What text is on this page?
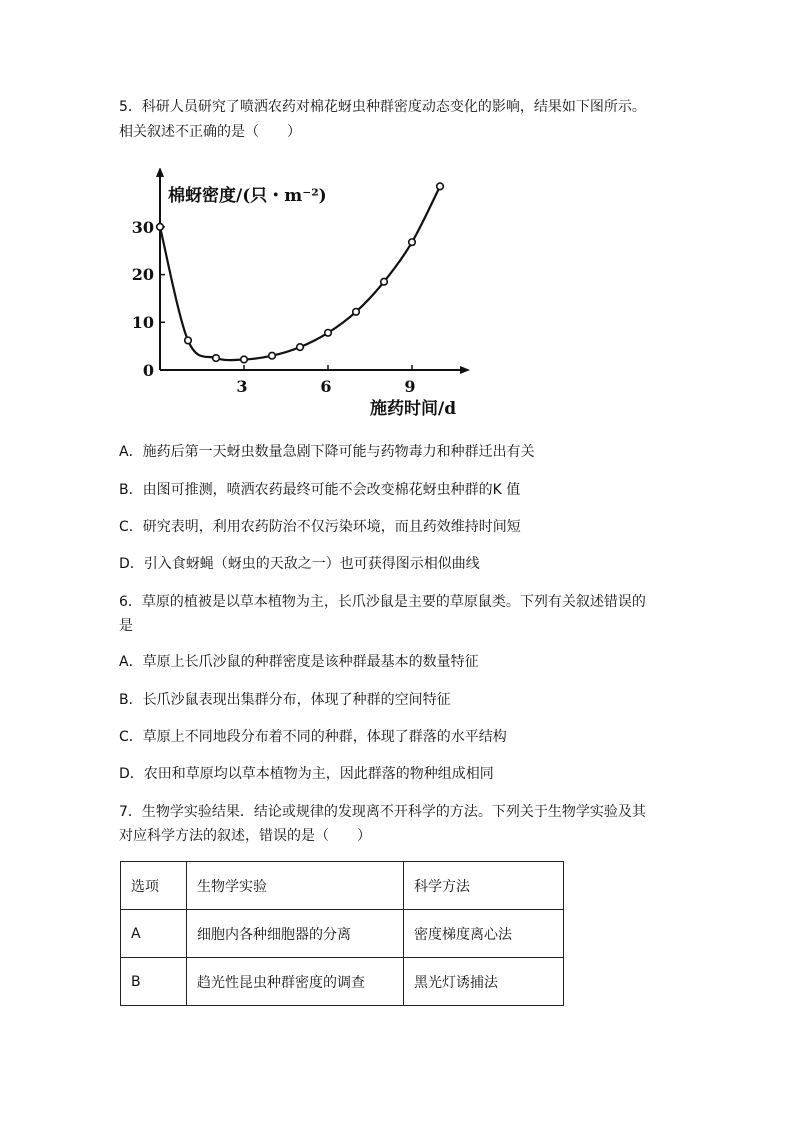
5．科研人员研究了喷洒农药对棉花蚜虫种群密度动态变化的影响，结果如下图所示。
相关叙述不正确的是（　　）
棉蚜密度/(只・m⁻²)
施药时间/d
0
10
20
30
3	6	9
A．施药后第一天蚜虫数量急剧下降可能与药物毒力和种群迁出有关
B．由图可推测，喷洒农药最终可能不会改变棉花蚜虫种群的K 值
C．研究表明，利用农药防治不仅污染环境，而且药效维持时间短
D．引入食蚜蝇（蚜虫的天敌之一）也可获得图示相似曲线
6．草原的植被是以草本植物为主，长爪沙鼠是主要的草原鼠类。下列有关叙述错误的
是
A．草原上长爪沙鼠的种群密度是该种群最基本的数量特征
B．长爪沙鼠表现出集群分布，体现了种群的空间特征
C．草原上不同地段分布着不同的种群，体现了群落的水平结构
D．农田和草原均以草本植物为主，因此群落的物种组成相同
7．生物学实验结果．结论或规律的发现离不开科学的方法。下列关于生物学实验及其
对应科学方法的叙述，错误的是（　　）
选项	生物学实验	科学方法
A	细胞内各种细胞器的分离	密度梯度离心法
B	趋光性昆虫种群密度的调查	黑光灯诱捕法
